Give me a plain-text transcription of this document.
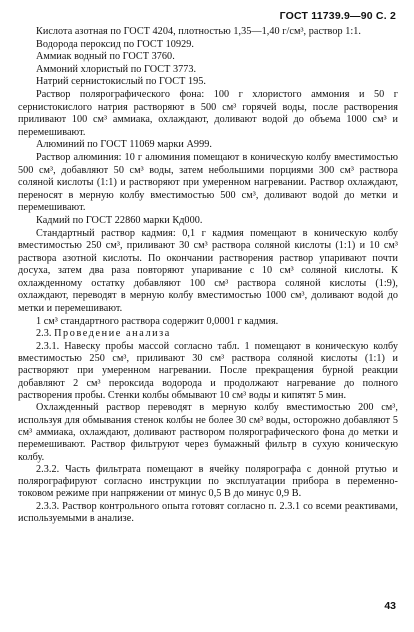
ГОСТ 11739.9—90 С. 2

Кислота азотная по ГОСТ 4204, плотностью 1,35—1,40 г/см³, раствор 1:1.

Водорода пероксид по ГОСТ 10929.

Аммиак водный по ГОСТ 3760.

Аммоний хлористый по ГОСТ 3773.

Натрий сернистокислый по ГОСТ 195.

Раствор полярографического фона: 100 г хлористого аммония и 50 г сернистокислого натрия растворяют в 500 см³ горячей воды, после растворения приливают 100 см³ аммиака, охлаждают, доливают водой до объема 1000 см³ и перемешивают.

Алюминий по ГОСТ 11069 марки А999.

Раствор алюминия: 10 г алюминия помещают в коническую колбу вместимостью 500 см³, добавляют 50 см³ воды, затем небольшими порциями 300 см³ раствора соляной кислоты (1:1) и растворяют при умеренном нагревании. Раствор охлаждают, переносят в мерную колбу вместимостью 500 см³, доливают водой до метки и перемешивают.

Кадмий по ГОСТ 22860 марки Кд000.

Стандартный раствор кадмия: 0,1 г кадмия помещают в коническую колбу вместимостью 250 см³, приливают 30 см³ раствора соляной кислоты (1:1) и 10 см³ раствора азотной кислоты. По окончании растворения раствор упаривают почти досуха, затем два раза повторяют упаривание с 10 см³ соляной кислоты. К охлажденному остатку добавляют 100 см³ раствора соляной кислоты (1:9), охлаждают, переводят в мерную колбу вместимостью 1000 см³, доливают водой до метки и перемешивают.

1 см³ стандартного раствора содержит 0,0001 г кадмия.

2.3. Проведение анализа

2.3.1. Навеску пробы массой согласно табл. 1 помещают в коническую колбу вместимостью 250 см³, приливают 30 см³ раствора соляной кислоты (1:1) и растворяют при умеренном нагревании. После прекращения бурной реакции добавляют 2 см³ пероксида водорода и продолжают нагревание до полного растворения пробы. Стенки колбы обмывают 10 см³ воды и кипятят 5 мин.

Охлажденный раствор переводят в мерную колбу вместимостью 200 см³, используя для обмывания стенок колбы не более 30 см³ воды, осторожно добавляют 5 см³ аммиака, охлаждают, доливают раствором полярографического фона до метки и перемешивают. Раствор фильтруют через бумажный фильтр в сухую коническую колбу.

2.3.2. Часть фильтрата помещают в ячейку полярографа с донной ртутью и полярографируют согласно инструкции по эксплуатации прибора в переменно-токовом режиме при напряжении от минус 0,5 В до минус 0,9 В.

2.3.3. Раствор контрольного опыта готовят согласно п. 2.3.1 со всеми реактивами, используемыми в анализе.

43
